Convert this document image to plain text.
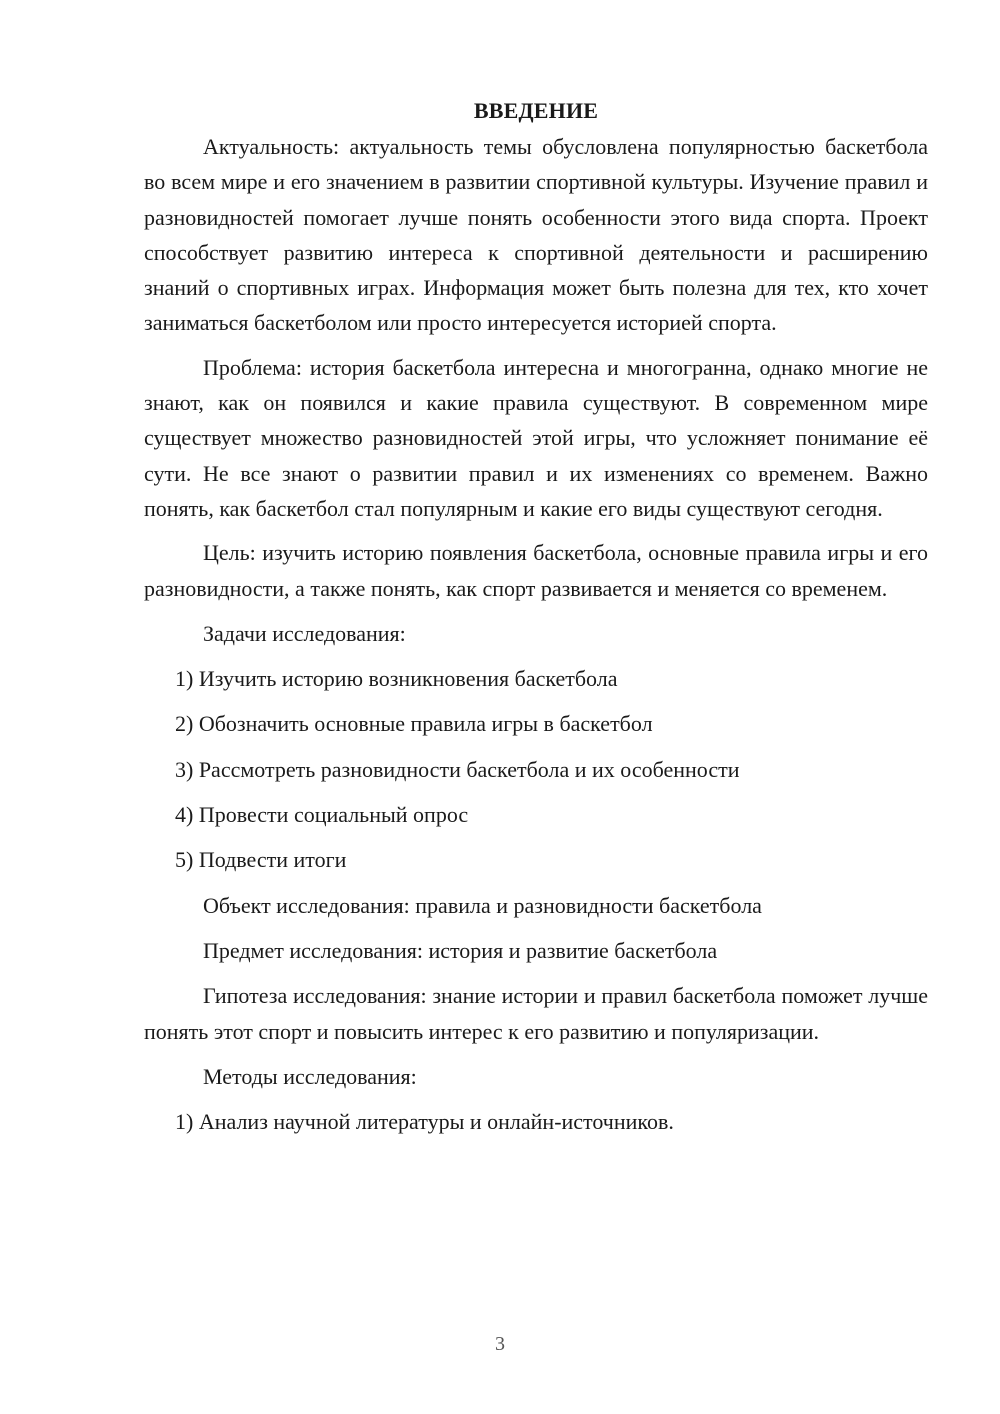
ВВЕДЕНИЕ

Актуальность: актуальность темы обусловлена популярностью баскетбола во всем мире и его значением в развитии спортивной культуры. Изучение правил и разновидностей помогает лучше понять особенности этого вида спорта. Проект способствует развитию интереса к спортивной деятельности и расширению знаний о спортивных играх. Информация может быть полезна для тех, кто хочет заниматься баскетболом или просто интересуется историей спорта.

Проблема: история баскетбола интересна и многогранна, однако многие не знают, как он появился и какие правила существуют. В современном мире существует множество разновидностей этой игры, что усложняет понимание её сути. Не все знают о развитии правил и их изменениях со временем. Важно понять, как баскетбол стал популярным и какие его виды существуют сегодня.

Цель: изучить историю появления баскетбола, основные правила игры и его разновидности, а также понять, как спорт развивается и меняется со временем.

Задачи исследования:

1) Изучить историю возникновения баскетбола

2) Обозначить основные правила игры в баскетбол

3) Рассмотреть разновидности баскетбола и их особенности

4) Провести социальный опрос

5) Подвести итоги

Объект исследования: правила и разновидности баскетбола

Предмет исследования: история и развитие баскетбола

Гипотеза исследования: знание истории и правил баскетбола поможет лучше понять этот спорт и повысить интерес к его развитию и популяризации.

Методы исследования:

1) Анализ научной литературы и онлайн-источников.

3
